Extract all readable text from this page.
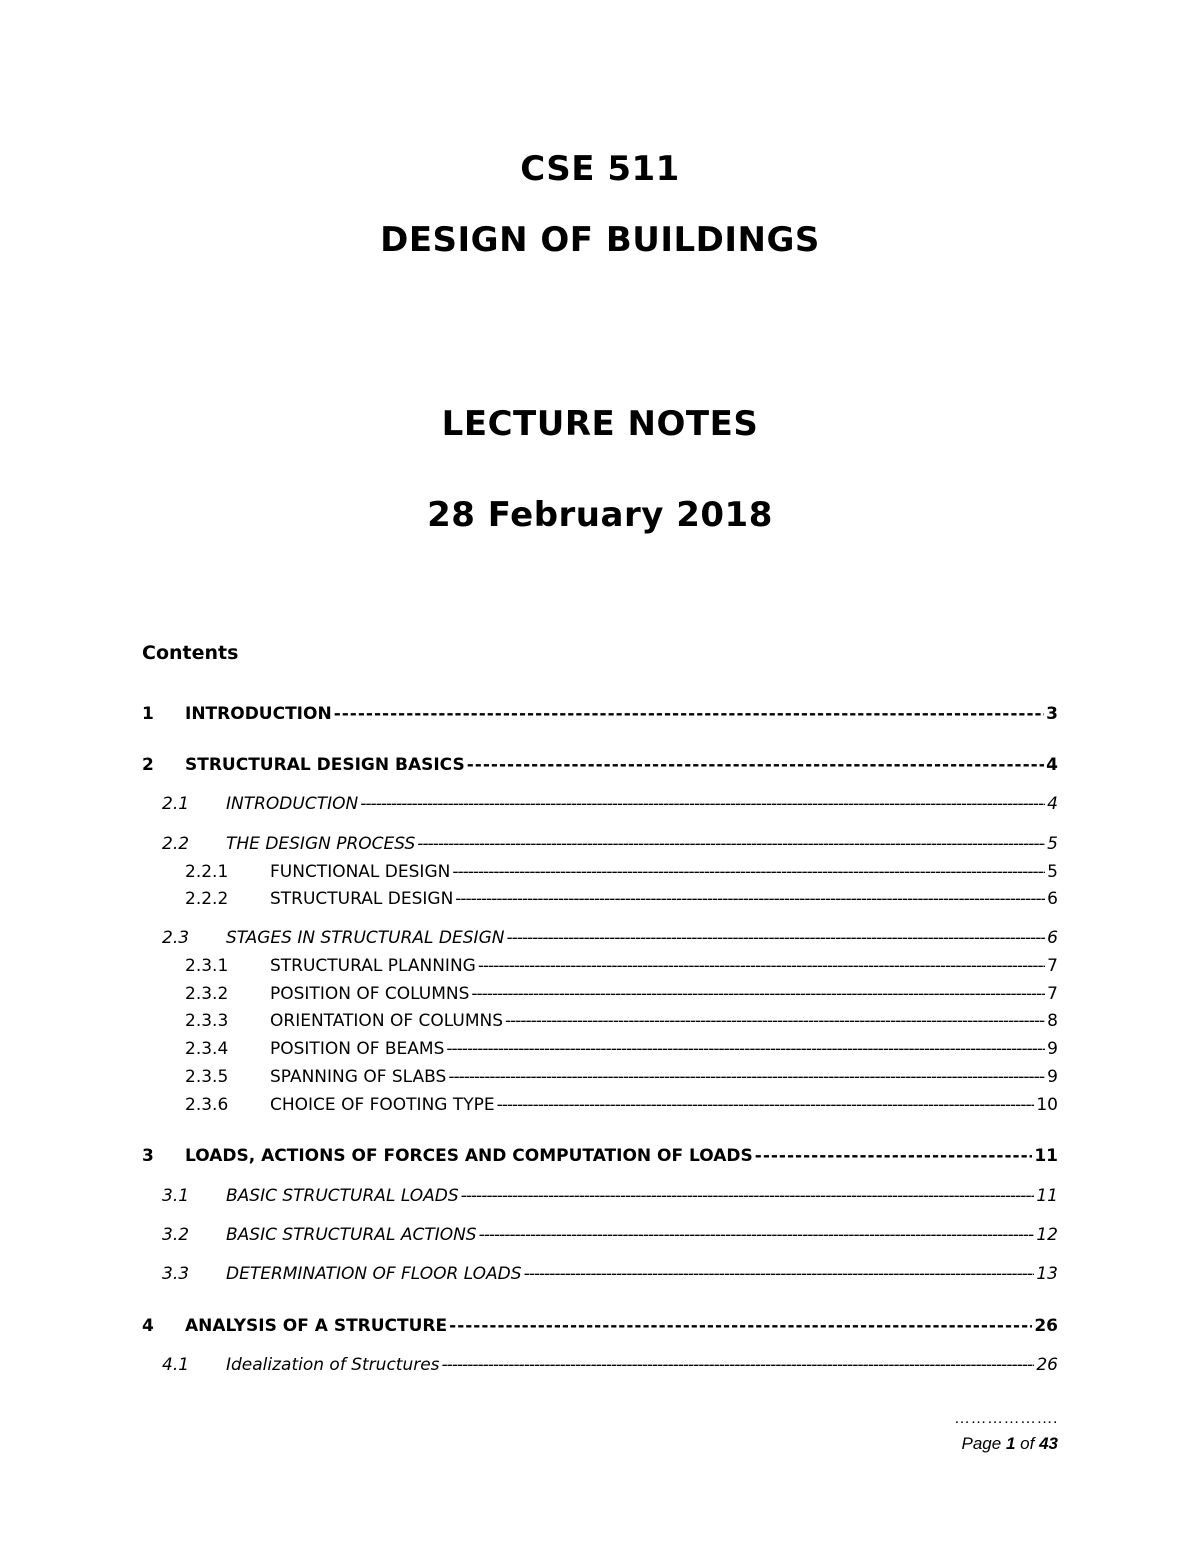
CSE 511
DESIGN OF BUILDINGS
LECTURE NOTES
28 February 2018
Contents
1	INTRODUCTION -----	3
2	STRUCTURAL DESIGN BASICS -----	4
2.1	INTRODUCTION -----	4
2.2	THE DESIGN PROCESS -----	5
2.2.1	FUNCTIONAL DESIGN -----	5
2.2.2	STRUCTURAL DESIGN -----	6
2.3	STAGES IN STRUCTURAL DESIGN -----	6
2.3.1	STRUCTURAL PLANNING -----	7
2.3.2	POSITION OF COLUMNS -----	7
2.3.3	ORIENTATION OF COLUMNS -----	8
2.3.4	POSITION OF BEAMS -----	9
2.3.5	SPANNING OF SLABS -----	9
2.3.6	CHOICE OF FOOTING TYPE -----	10
3	LOADS, ACTIONS OF FORCES AND COMPUTATION OF LOADS -----	11
3.1	BASIC STRUCTURAL LOADS -----	11
3.2	BASIC STRUCTURAL ACTIONS -----	12
3.3	DETERMINATION OF FLOOR LOADS -----	13
4	ANALYSIS OF A STRUCTURE -----	26
4.1	Idealization of Structures -----	26
……………….
Page 1 of 43
